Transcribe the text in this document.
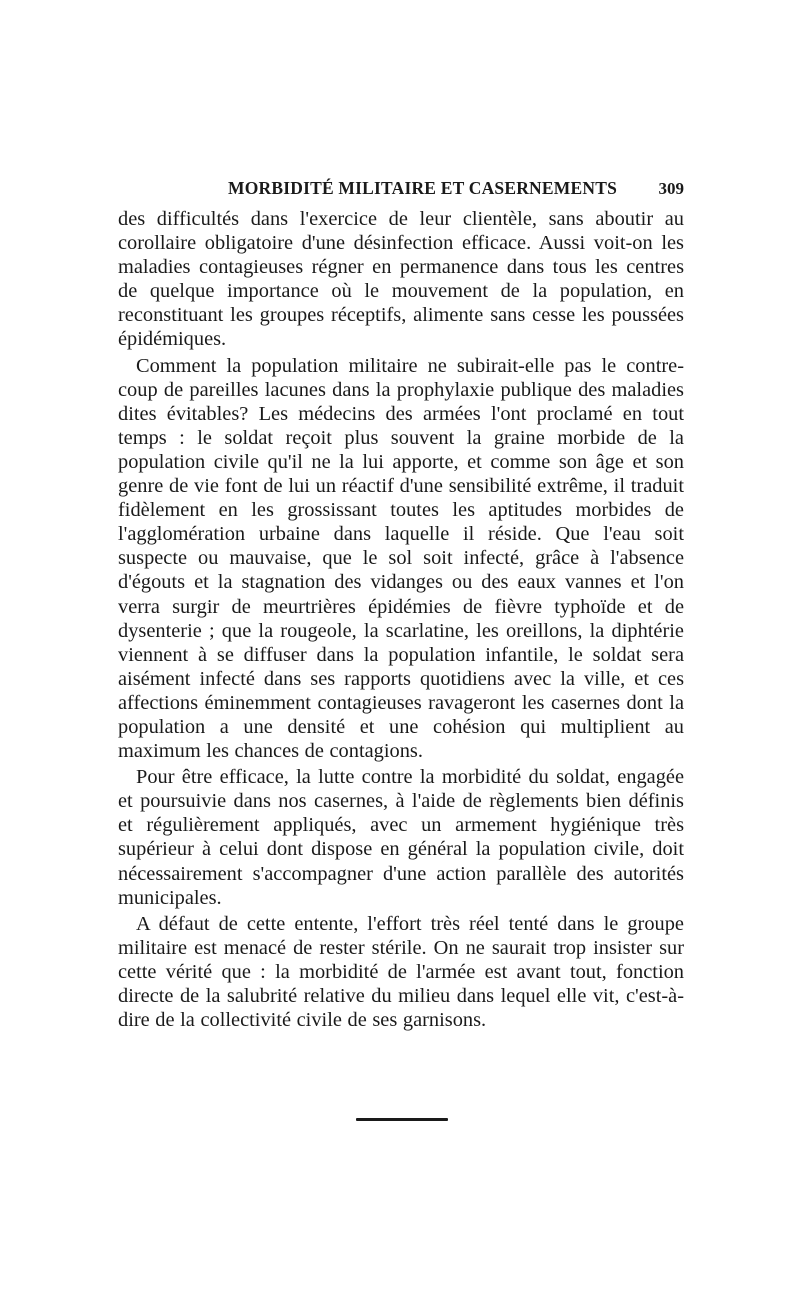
MORBIDITÉ MILITAIRE ET CASERNEMENTS 309

des difficultés dans l'exercice de leur clientèle, sans aboutir au corollaire obligatoire d'une désinfection efficace. Aussi voit-on les maladies contagieuses régner en permanence dans tous les centres de quelque importance où le mouvement de la population, en reconstituant les groupes réceptifs, alimente sans cesse les poussées épidémiques.

Comment la population militaire ne subirait-elle pas le contre-coup de pareilles lacunes dans la prophylaxie publique des maladies dites évitables? Les médecins des armées l'ont proclamé en tout temps : le soldat reçoit plus souvent la graine morbide de la population civile qu'il ne la lui apporte, et comme son âge et son genre de vie font de lui un réactif d'une sensibilité extrême, il traduit fidèlement en les grossissant toutes les aptitudes morbides de l'agglomération urbaine dans laquelle il réside. Que l'eau soit suspecte ou mauvaise, que le sol soit infecté, grâce à l'absence d'égouts et la stagnation des vidanges ou des eaux vannes et l'on verra surgir de meurtrières épidémies de fièvre typhoïde et de dysenterie ; que la rougeole, la scarlatine, les oreillons, la diphtérie viennent à se diffuser dans la population infantile, le soldat sera aisément infecté dans ses rapports quotidiens avec la ville, et ces affections éminemment contagieuses ravageront les casernes dont la population a une densité et une cohésion qui multiplient au maximum les chances de contagions.

Pour être efficace, la lutte contre la morbidité du soldat, engagée et poursuivie dans nos casernes, à l'aide de règlements bien définis et régulièrement appliqués, avec un armement hygiénique très supérieur à celui dont dispose en général la population civile, doit nécessairement s'accompagner d'une action parallèle des autorités municipales.

A défaut de cette entente, l'effort très réel tenté dans le groupe militaire est menacé de rester stérile. On ne saurait trop insister sur cette vérité que : la morbidité de l'armée est avant tout, fonction directe de la salubrité relative du milieu dans lequel elle vit, c'est-à-dire de la collectivité civile de ses garnisons.
